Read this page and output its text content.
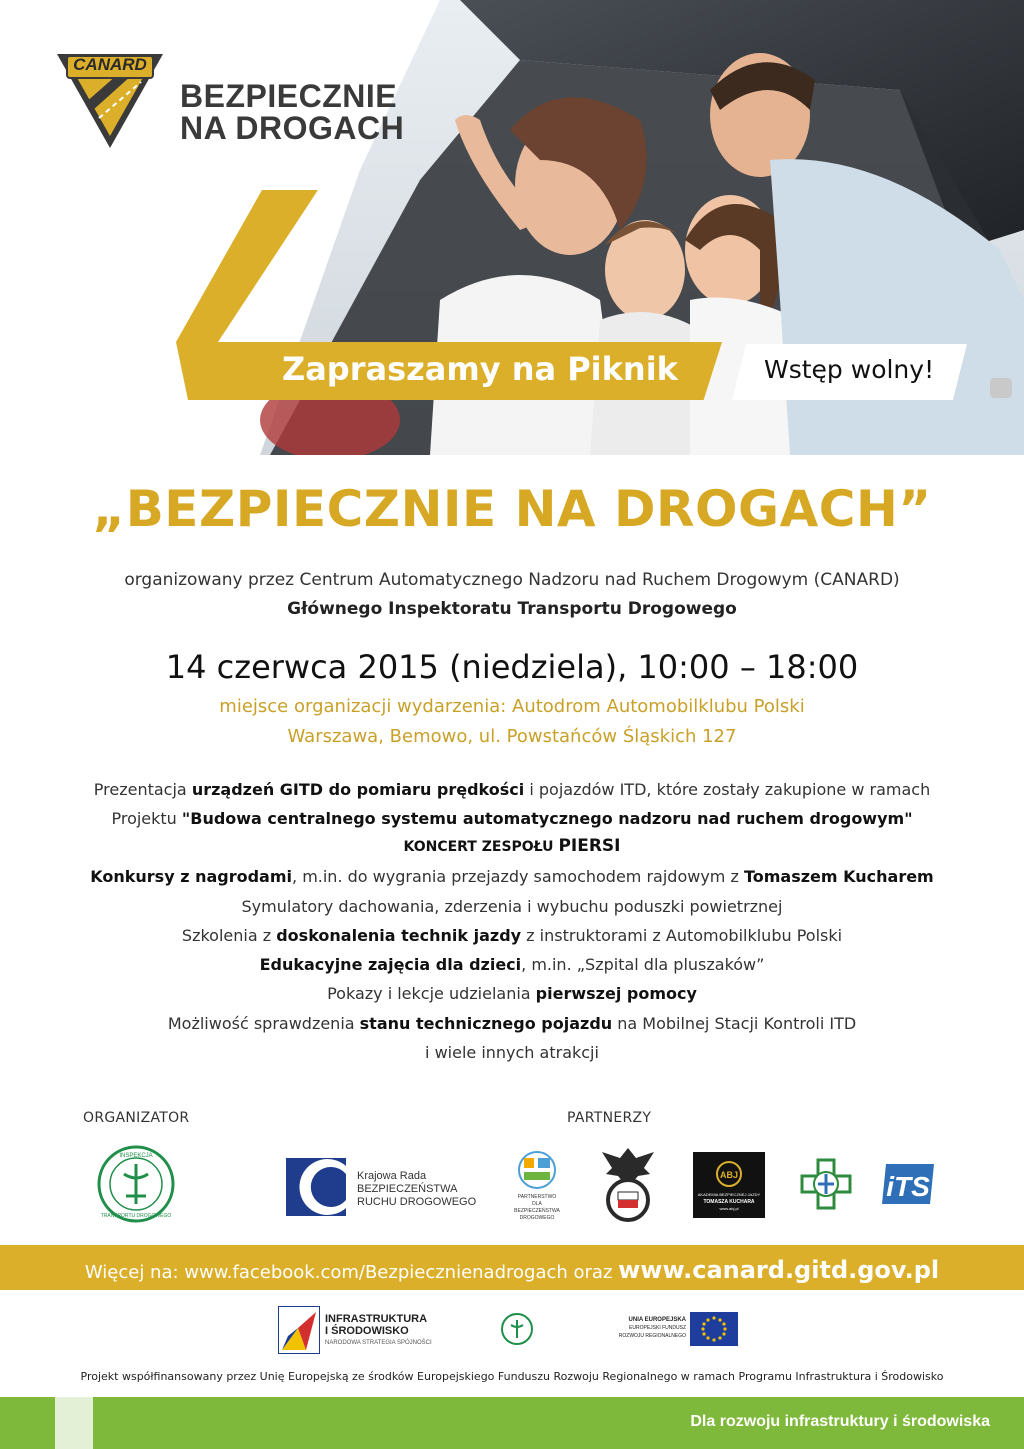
CANARD
BEZPIECZNIE
NA DROGACH
Zapraszamy na Piknik	Wstęp wolny!
„BEZPIECZNIE NA DROGACH”
organizowany przez Centrum Automatycznego Nadzoru nad Ruchem Drogowym (CANARD)
Głównego Inspektoratu Transportu Drogowego
14 czerwca 2015 (niedziela), 10:00 – 18:00
miejsce organizacji wydarzenia: Autodrom Automobilklubu Polski
Warszawa, Bemowo, ul. Powstańców Śląskich 127
Prezentacja urządzeń GITD do pomiaru prędkości i pojazdów ITD, które zostały zakupione w ramach
Projektu "Budowa centralnego systemu automatycznego nadzoru nad ruchem drogowym"
KONCERT ZESPOŁU PIERSI
Konkursy z nagrodami, m.in. do wygrania przejazdy samochodem rajdowym z Tomaszem Kucharem
Symulatory dachowania, zderzenia i wybuchu poduszki powietrznej
Szkolenia z doskonalenia technik jazdy z instruktorami z Automobilklubu Polski
Edukacyjne zajęcia dla dzieci, m.in. „Szpital dla pluszaków”
Pokazy i lekcje udzielania pierwszej pomocy
Możliwość sprawdzenia stanu technicznego pojazdu na Mobilnej Stacji Kontroli ITD
i wiele innych atrakcji
ORGANIZATOR	PARTNERZY
INSPEKCJA
TRANSPORTU DROGOWEGO
Krajowa Rada
BEZPIECZEŃSTWA
RUCHU DROGOWEGO	PARTNERSTWO
DLA
BEZPIECZEŃSTWA
DROGOWEGO
ABJ
AKADEMIA BEZPIECZNEJ JAZDY
TOMASZA KUCHARA
www.abj.pl
iTS
Więcej na: www.facebook.com/Bezpiecznienadrogach oraz www.canard.gitd.gov.pl
INFRASTRUKTURA
I ŚRODOWISKO
NARODOWA STRATEGIA SPÓJNOŚCI
UNIA EUROPEJSKA
EUROPEJSKI FUNDUSZ
ROZWOJU REGIONALNEGO
Projekt współfinansowany przez Unię Europejską ze środków Europejskiego Funduszu Rozwoju Regionalnego w ramach Programu Infrastruktura i Środowisko
Dla rozwoju infrastruktury i środowiska
